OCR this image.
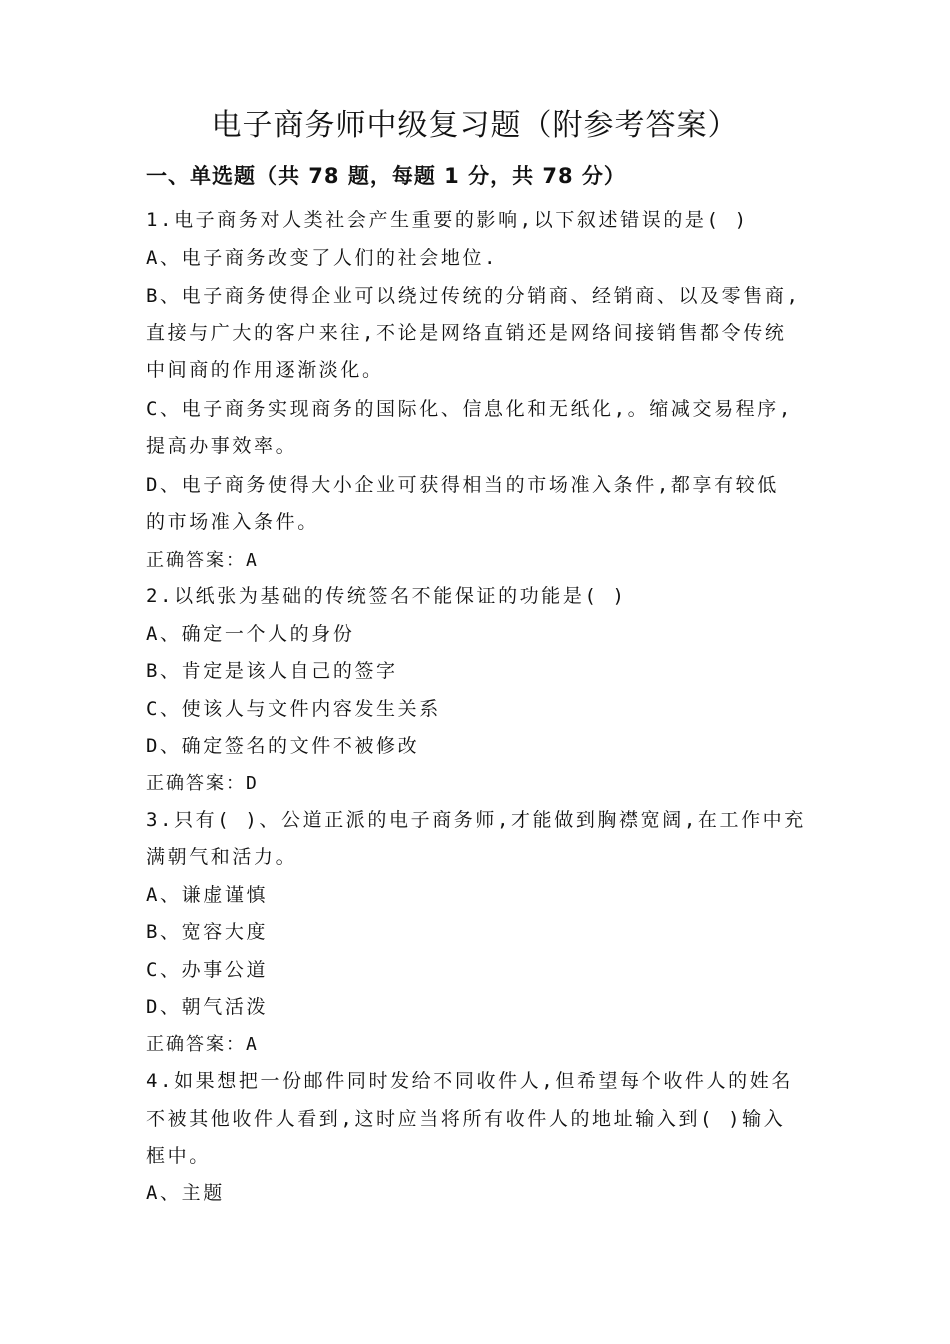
电子商务师中级复习题（附参考答案）
一、单选题（共 78 题，每题 1 分，共 78 分）
1.电子商务对人类社会产生重要的影响,以下叙述错误的是( )
A、电子商务改变了人们的社会地位.
B、电子商务使得企业可以绕过传统的分销商、经销商、以及零售商,
直接与广大的客户来往,不论是网络直销还是网络间接销售都令传统
中间商的作用逐渐淡化。
C、电子商务实现商务的国际化、信息化和无纸化,。缩减交易程序,
提高办事效率。
D、电子商务使得大小企业可获得相当的市场准入条件,都享有较低
的市场准入条件。
正确答案：A
2.以纸张为基础的传统签名不能保证的功能是( )
A、确定一个人的身份
B、肯定是该人自己的签字
C、使该人与文件内容发生关系
D、确定签名的文件不被修改
正确答案：D
3.只有( )、公道正派的电子商务师,才能做到胸襟宽阔,在工作中充
满朝气和活力。
A、谦虚谨慎
B、宽容大度
C、办事公道
D、朝气活泼
正确答案：A
4.如果想把一份邮件同时发给不同收件人,但希望每个收件人的姓名
不被其他收件人看到,这时应当将所有收件人的地址输入到( )输入
框中。
A、主题
